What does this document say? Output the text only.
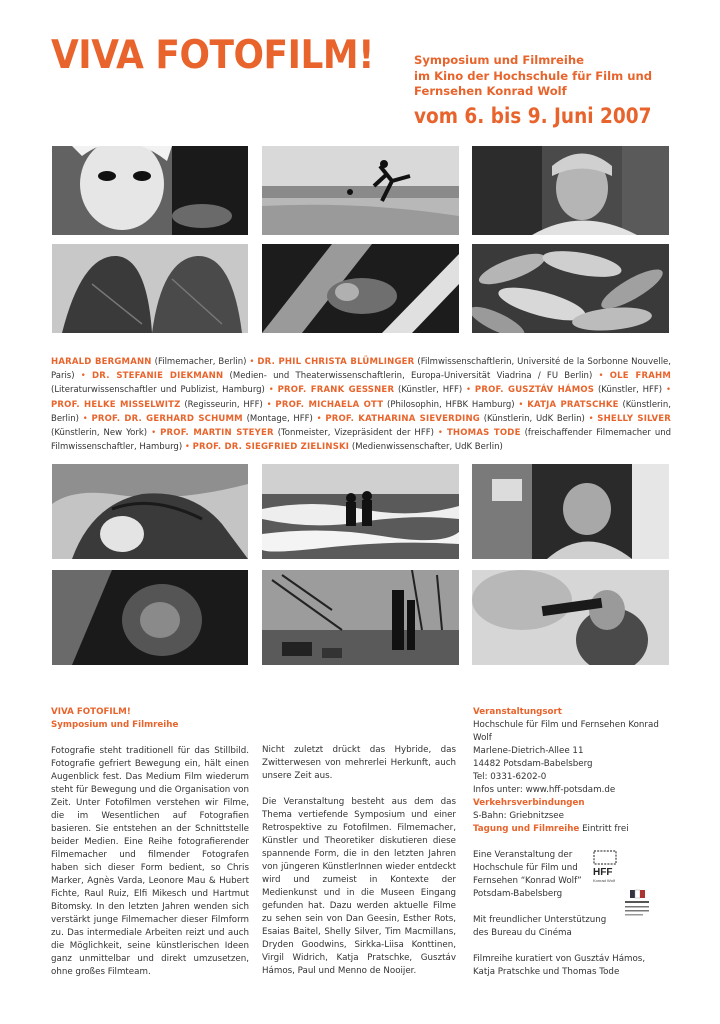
VIVA FOTOFILM!	Symposium und Filmreihe
im Kino der Hochschule für Film und
Fernsehen Konrad Wolf
vom 6. bis 9. Juni 2007
HARALD BERGMANN (Filmemacher, Berlin) • DR. PHIL CHRISTA BLÜMLINGER (Filmwissenschaftlerin, Université de la Sorbonne Nouvelle, Paris) • DR. STEFANIE DIEKMANN (Medien- und Theaterwissenschaftlerin, Europa-Universität Viadrina / FU Berlin) • OLE FRAHM (Literaturwissenschaftler und Publizist, Hamburg) • PROF. FRANK GESSNER (Künstler, HFF) • PROF. GUSZTÁV HÁMOS (Künstler, HFF) • PROF. HELKE MISSELWITZ (Regisseurin, HFF) • PROF. MICHAELA OTT (Philosophin, HFBK Hamburg) • KATJA PRATSCHKE (Künstlerin, Berlin) • PROF. DR. GERHARD SCHUMM (Montage, HFF) • PROF. KATHARINA SIEVERDING (Künstlerin, UdK Berlin) • SHELLY SILVER (Künstlerin, New York) • PROF. MARTIN STEYER (Tonmeister, Vizepräsident der HFF) • THOMAS TODE (freischaffender Filmemacher und Filmwissenschaftler, Hamburg) • PROF. DR. SIEGFRIED ZIELINSKI (Medienwissenschafter, UdK Berlin)
VIVA FOTOFILM!
Symposium und Filmreihe
Fotografie steht traditionell für das Stillbild. Fotografie gefriert Bewegung ein, hält einen Augenblick fest. Das Medium Film wiederum steht für Bewegung und die Organisation von Zeit. Unter Fotofilmen verstehen wir Filme, die im Wesentlichen auf Fotografien basieren. Sie entstehen an der Schnittstelle beider Medien. Eine Reihe fotografierender Filmemacher und filmender Fotografen haben sich dieser Form bedient, so Chris Marker, Agnès Varda, Leonore Mau & Hubert Fichte, Raul Ruiz, Elfi Mikesch und Hartmut Bitomsky. In den letzten Jahren wenden sich verstärkt junge Filmemacher dieser Filmform zu. Das intermediale Arbeiten reizt und auch die Möglichkeit, seine künstlerischen Ideen ganz unmittelbar und direkt umzusetzen, ohne großes Filmteam.
Nicht zuletzt drückt das Hybride, das Zwitterwesen von mehrerlei Herkunft, auch unsere Zeit aus.
Die Veranstaltung besteht aus dem das Thema vertiefende Symposium und einer Retrospektive zu Fotofilmen. Filmemacher, Künstler und Theoretiker diskutieren diese spannende Form, die in den letzten Jahren von jüngeren KünstlerInnen wieder entdeckt wird und zumeist in Kontexte der Medienkunst und in die Museen Eingang gefunden hat. Dazu werden aktuelle Filme zu sehen sein von Dan Geesin, Esther Rots, Esaias Baitel, Shelly Silver, Tim Macmillans, Dryden Goodwins, Sirkka-Liisa Konttinen, Virgil Widrich, Katja Pratschke, Gusztáv Hámos, Paul und Menno de Nooijer.
Veranstaltungsort
Hochschule für Film und Fernsehen Konrad Wolf
Marlene-Dietrich-Allee 11
14482 Potsdam-Babelsberg
Tel: 0331-6202-0
Infos unter: www.hff-potsdam.de
Verkehrsverbindungen
S-Bahn: Griebnitzsee
Tagung und Filmreihe Eintritt frei
Eine Veranstaltung der
Hochschule für Film und
Fernsehen “Konrad Wolf”
Potsdam-Babelsberg
Mit freundlicher Unterstützung
des Bureau du Cinéma
Filmreihe kuratiert von Gusztáv Hámos,
Katja Pratschke und Thomas Tode
HFF
Konrad Wolf
